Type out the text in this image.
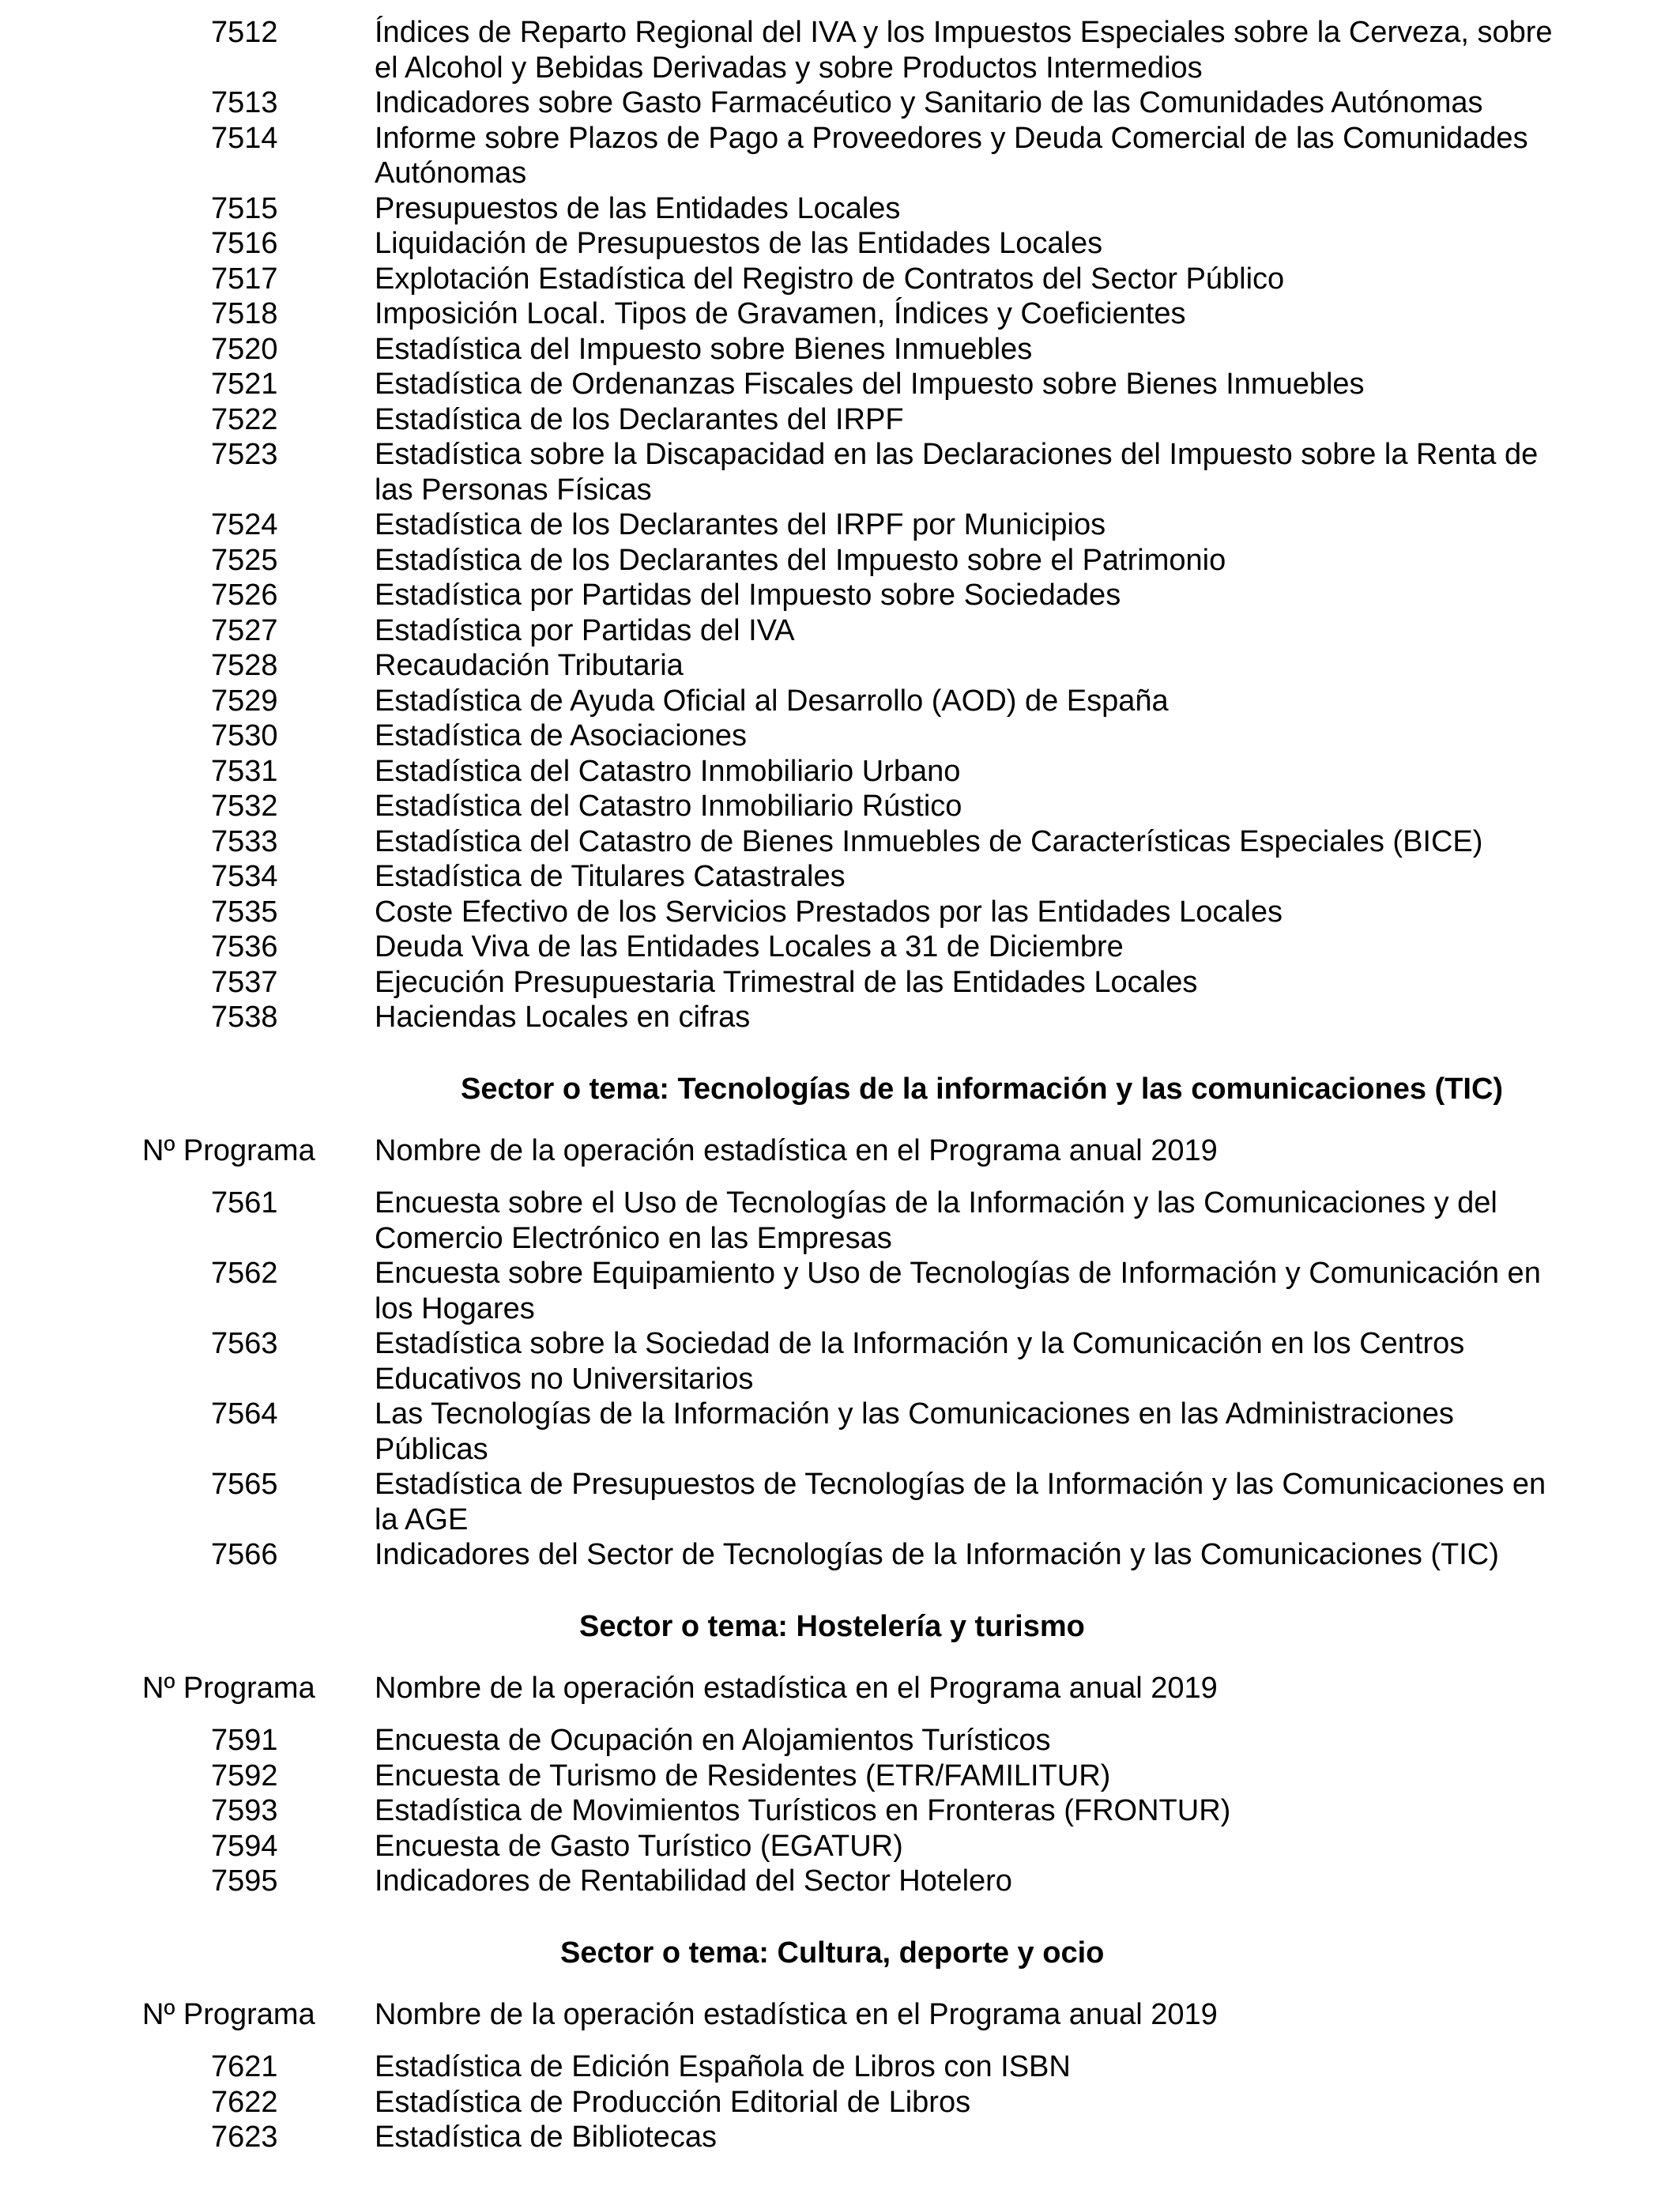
7512	Índices de Reparto Regional del IVA y los Impuestos Especiales sobre la Cerveza, sobre el Alcohol y Bebidas Derivadas y sobre Productos Intermedios
7513	Indicadores sobre Gasto Farmacéutico y Sanitario de las Comunidades Autónomas
7514	Informe sobre Plazos de Pago a Proveedores y Deuda Comercial de las Comunidades Autónomas
7515	Presupuestos de las Entidades Locales
7516	Liquidación de Presupuestos de las Entidades Locales
7517	Explotación Estadística del Registro de Contratos del Sector Público
7518	Imposición Local. Tipos de Gravamen, Índices y Coeficientes
7520	Estadística del Impuesto sobre Bienes Inmuebles
7521	Estadística de Ordenanzas Fiscales del Impuesto sobre Bienes Inmuebles
7522	Estadística de los Declarantes del IRPF
7523	Estadística sobre la Discapacidad en las Declaraciones del Impuesto sobre la Renta de las Personas Físicas
7524	Estadística de los Declarantes del IRPF por Municipios
7525	Estadística de los Declarantes del Impuesto sobre el Patrimonio
7526	Estadística por Partidas del Impuesto sobre Sociedades
7527	Estadística por Partidas del IVA
7528	Recaudación Tributaria
7529	Estadística de Ayuda Oficial al Desarrollo (AOD) de España
7530	Estadística de Asociaciones
7531	Estadística del Catastro Inmobiliario Urbano
7532	Estadística del Catastro Inmobiliario Rústico
7533	Estadística del Catastro de Bienes Inmuebles de Características Especiales (BICE)
7534	Estadística de Titulares Catastrales
7535	Coste Efectivo de los Servicios Prestados por las Entidades Locales
7536	Deuda Viva de las Entidades Locales a 31 de Diciembre
7537	Ejecución Presupuestaria Trimestral de las Entidades Locales
7538	Haciendas Locales en cifras
Sector o tema: Tecnologías de la información y las comunicaciones (TIC)
Nº Programa	Nombre de la operación estadística en el Programa anual 2019
7561	Encuesta sobre el Uso de Tecnologías de la Información y las Comunicaciones y del Comercio Electrónico en las Empresas
7562	Encuesta sobre Equipamiento y Uso de Tecnologías de Información y Comunicación en los Hogares
7563	Estadística sobre la Sociedad de la Información y la Comunicación en los Centros Educativos no Universitarios
7564	Las Tecnologías de la Información y las Comunicaciones en las Administraciones Públicas
7565	Estadística de Presupuestos de Tecnologías de la Información y las Comunicaciones en la AGE
7566	Indicadores del Sector de Tecnologías de la Información y las Comunicaciones (TIC)
Sector o tema: Hostelería y turismo
Nº Programa	Nombre de la operación estadística en el Programa anual 2019
7591	Encuesta de Ocupación en Alojamientos Turísticos
7592	Encuesta de Turismo de Residentes (ETR/FAMILITUR)
7593	Estadística de Movimientos Turísticos en Fronteras (FRONTUR)
7594	Encuesta de Gasto Turístico (EGATUR)
7595	Indicadores de Rentabilidad del Sector Hotelero
Sector o tema: Cultura, deporte y ocio
Nº Programa	Nombre de la operación estadística en el Programa anual 2019
7621	Estadística de Edición Española de Libros con ISBN
7622	Estadística de Producción Editorial de Libros
7623	Estadística de Bibliotecas
